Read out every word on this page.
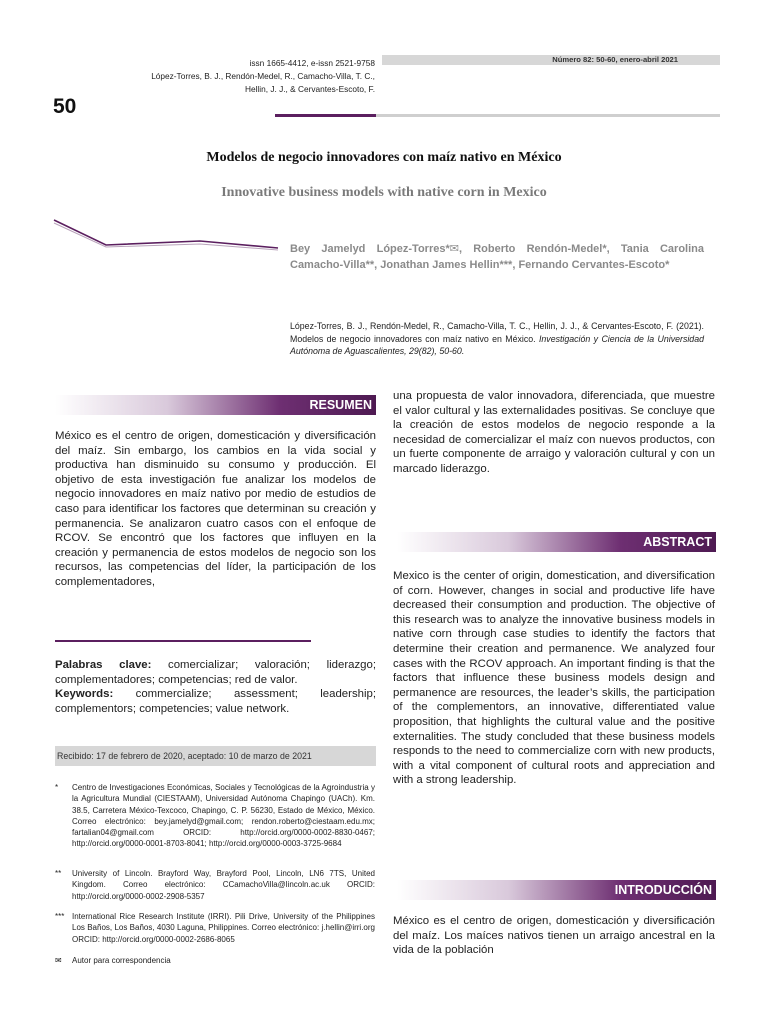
50
issn 1665-4412, e-issn 2521-9758
López-Torres, B. J., Rendón-Medel, R., Camacho-Villa, T. C., Hellin, J. J., & Cervantes-Escoto, F.
Número 82: 50-60, enero-abril 2021
Modelos de negocio innovadores con maíz nativo en México
Innovative business models with native corn in Mexico
Bey Jamelyd López-Torres*✉, Roberto Rendón-Medel*, Tania Carolina Camacho-Villa**, Jonathan James Hellin***, Fernando Cervantes-Escoto*
López-Torres, B. J., Rendón-Medel, R., Camacho-Villa, T. C., Hellin, J. J., & Cervantes-Escoto, F. (2021). Modelos de negocio innovadores con maíz nativo en México. Investigación y Ciencia de la Universidad Autónoma de Aguascalientes, 29(82), 50-60.
RESUMEN
México es el centro de origen, domesticación y diversificación del maíz. Sin embargo, los cambios en la vida social y productiva han disminuido su consumo y producción. El objetivo de esta investigación fue analizar los modelos de negocio innovadores en maíz nativo por medio de estudios de caso para identificar los factores que determinan su creación y permanencia. Se analizaron cuatro casos con el enfoque de RCOV. Se encontró que los factores que influyen en la creación y permanencia de estos modelos de negocio son los recursos, las competencias del líder, la participación de los complementadores,
una propuesta de valor innovadora, diferenciada, que muestre el valor cultural y las externalidades positivas. Se concluye que la creación de estos modelos de negocio responde a la necesidad de comercializar el maíz con nuevos productos, con un fuerte componente de arraigo y valoración cultural y con un marcado liderazgo.
Palabras clave: comercializar; valoración; liderazgo; complementadores; competencias; red de valor.
Keywords: commercialize; assessment; leadership; complementors; competencies; value network.
Recibido: 17 de febrero de 2020, aceptado: 10 de marzo de 2021
* Centro de Investigaciones Económicas, Sociales y Tecnológicas de la Agroindustria y la Agricultura Mundial (CIESTAAM), Universidad Autónoma Chapingo (UACh). Km. 38.5, Carretera México-Texcoco, Chapingo, C. P. 56230, Estado de México, México. Correo electrónico: bey.jamelyd@gmail.com; rendon.roberto@ciestaam.edu.mx; fartalian04@gmail.com ORCID: http://orcid.org/0000-0002-8830-0467; http://orcid.org/0000-0001-8703-8041; http://orcid.org/0000-0003-3725-9684
** University of Lincoln. Brayford Way, Brayford Pool, Lincoln, LN6 7TS, United Kingdom. Correo electrónico: CCamachoVilla@lincoln.ac.uk ORCID: http://orcid.org/0000-0002-2908-5357
*** International Rice Research Institute (IRRI). Pili Drive, University of the Philippines Los Baños, Los Baños, 4030 Laguna, Philippines. Correo electrónico: j.hellin@irri.org ORCID: http://orcid.org/0000-0002-2686-8065
✉ Autor para correspondencia
ABSTRACT
Mexico is the center of origin, domestication, and diversification of corn. However, changes in social and productive life have decreased their consumption and production. The objective of this research was to analyze the innovative business models in native corn through case studies to identify the factors that determine their creation and permanence. We analyzed four cases with the RCOV approach. An important finding is that the factors that influence these business models design and permanence are resources, the leader’s skills, the participation of the complementors, an innovative, differentiated value proposition, that highlights the cultural value and the positive externalities. The study concluded that these business models responds to the need to commercialize corn with new products, with a vital component of cultural roots and appreciation and with a strong leadership.
INTRODUCCIÓN
México es el centro de origen, domesticación y diversificación del maíz. Los maíces nativos tienen un arraigo ancestral en la vida de la población
